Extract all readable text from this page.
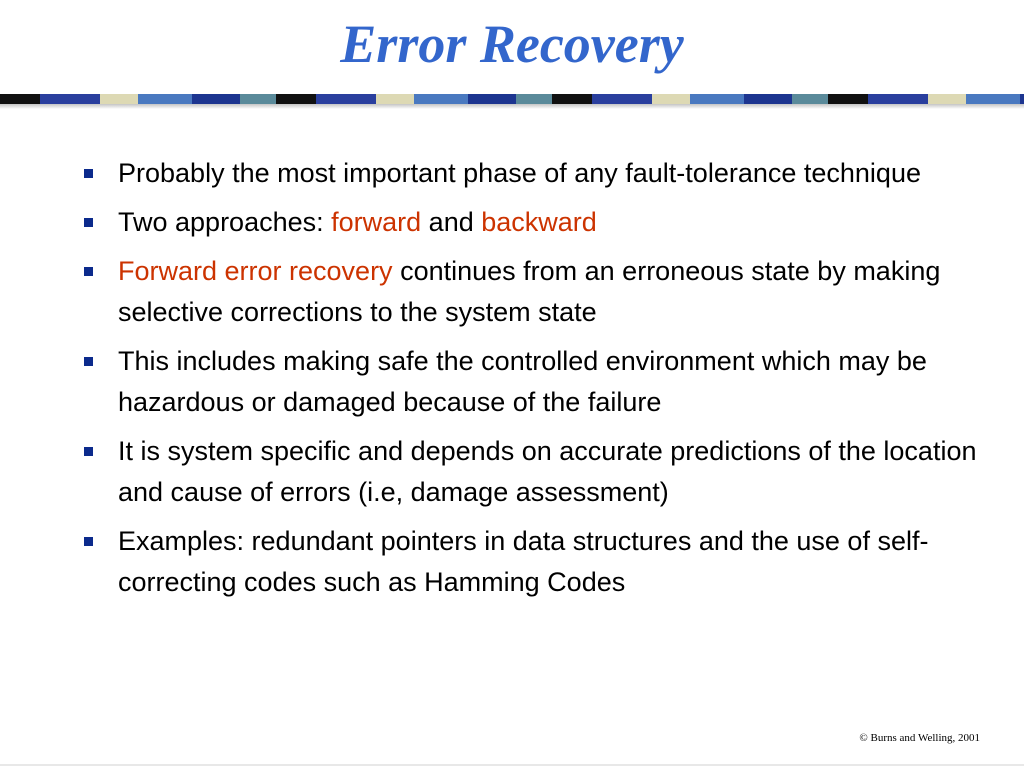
Error Recovery
Probably the most important phase of any fault-tolerance technique
Two approaches: forward and backward
Forward error recovery continues from an erroneous state by making selective corrections to the system state
This includes making safe the controlled environment which may be hazardous or damaged because of the failure
It is system specific and depends on accurate predictions of the location and cause of errors (i.e, damage assessment)
Examples: redundant pointers in data structures and the use of self-correcting codes such as Hamming Codes
© Burns and Welling, 2001
